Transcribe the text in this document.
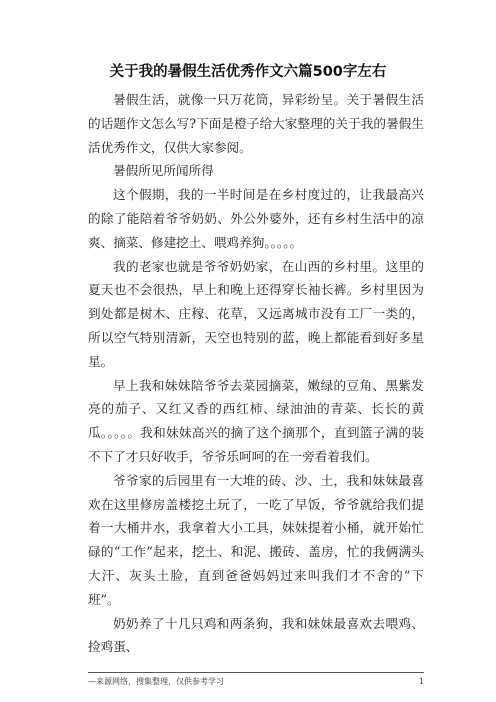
关于我的暑假生活优秀作文六篇500字左右

暑假生活，就像一只万花筒，异彩纷呈。关于暑假生活的话题作文怎么写?下面是橙子给大家整理的关于我的暑假生活优秀作文，仅供大家参阅。

暑假所见所闻所得

这个假期，我的一半时间是在乡村度过的，让我最高兴的除了能陪着爷爷奶奶、外公外婆外，还有乡村生活中的凉爽、摘菜、修建挖土、喂鸡养狗。。。。。

我的老家也就是爷爷奶奶家，在山西的乡村里。这里的夏天也不会很热，早上和晚上还得穿长袖长裤。乡村里因为到处都是树木、庄稼、花草，又远离城市没有工厂一类的，所以空气特别清新，天空也特别的蓝，晚上都能看到好多星星。

早上我和妹妹陪爷爷去菜园摘菜，嫩绿的豆角、黑紫发亮的茄子、又红又香的西红柿、绿油油的青菜、长长的黄瓜。。。。。我和妹妹高兴的摘了这个摘那个，直到篮子满的装不下了才只好收手，爷爷乐呵呵的在一旁看着我们。

爷爷家的后园里有一大堆的砖、沙、土，我和妹妹最喜欢在这里修房盖楼挖土玩了，一吃了早饭，爷爷就给我们提着一大桶井水，我拿着大小工具，妹妹提着小桶，就开始忙碌的“工作”起来，挖土、和泥、搬砖、盖房，忙的我俩满头大汗、灰头土脸，直到爸爸妈妈过来叫我们才不舍的“下班”。

奶奶养了十几只鸡和两条狗，我和妹妹最喜欢去喂鸡、捡鸡蛋、

—来源网络，搜集整理，仅供参考学习	1
